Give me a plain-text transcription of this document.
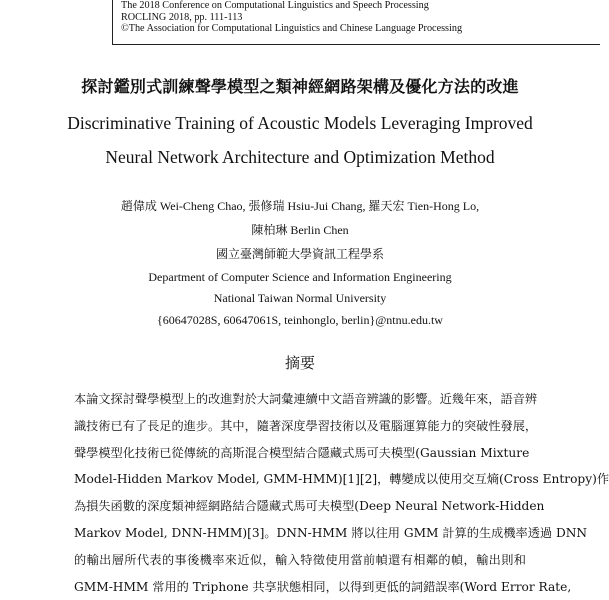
The 2018 Conference on Computational Linguistics and Speech Processing
ROCLING 2018, pp. 111-113
©The Association for Computational Linguistics and Chinese Language Processing
探討鑑別式訓練聲學模型之類神經網路架構及優化方法的改進
Discriminative Training of Acoustic Models Leveraging Improved
Neural Network Architecture and Optimization Method
趙偉成 Wei-Cheng Chao, 張修瑞 Hsiu-Jui Chang, 羅天宏 Tien-Hong Lo,
陳柏琳 Berlin Chen
國立臺灣師範大學資訊工程學系
Department of Computer Science and Information Engineering
National Taiwan Normal University
{60647028S, 60647061S, teinhonglo, berlin}@ntnu.edu.tw
摘要
本論文探討聲學模型上的改進對於大詞彙連續中文語音辨識的影響。近幾年來，語音辨
識技術已有了長足的進步。其中，隨著深度學習技術以及電腦運算能力的突破性發展，
聲學模型化技術已從傳統的高斯混合模型結合隱藏式馬可夫模型(Gaussian Mixture
Model-Hidden Markov Model, GMM-HMM)[1][2]，轉變成以使用交互熵(Cross Entropy)作
為損失函數的深度類神經網路結合隱藏式馬可夫模型(Deep Neural Network-Hidden
Markov Model, DNN-HMM)[3]。DNN-HMM 將以往用 GMM 計算的生成機率透過 DNN
的輸出層所代表的事後機率來近似，輸入特徵使用當前幀還有相鄰的幀，輸出則和
GMM-HMM 常用的 Triphone 共享狀態相同，以得到更低的詞錯誤率(Word Error Rate,
